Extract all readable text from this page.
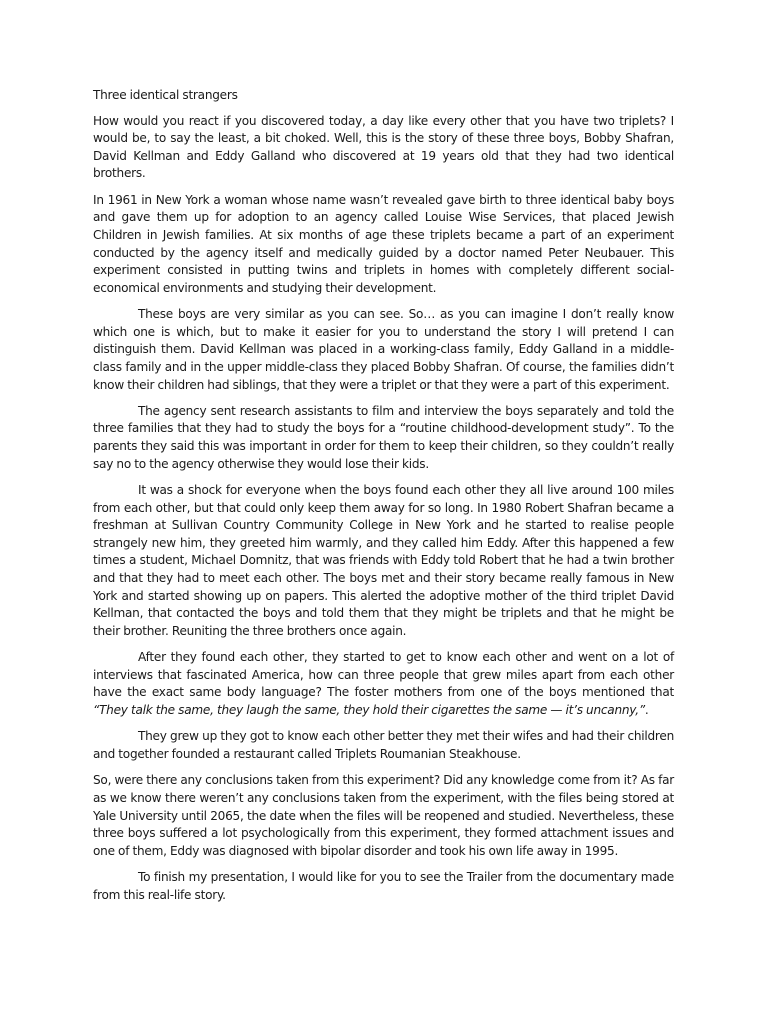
Three identical strangers

How would you react if you discovered today, a day like every other that you have two triplets? I would be, to say the least, a bit choked. Well, this is the story of these three boys, Bobby Shafran, David Kellman and Eddy Galland who discovered at 19 years old that they had two identical brothers.

In 1961 in New York a woman whose name wasn’t revealed gave birth to three identical baby boys and gave them up for adoption to an agency called Louise Wise Services, that placed Jewish Children in Jewish families. At six months of age these triplets became a part of an experiment conducted by the agency itself and medically guided by a doctor named Peter Neubauer. This experiment consisted in putting twins and triplets in homes with completely different social-economical environments and studying their development.

These boys are very similar as you can see. So… as you can imagine I don’t really know which one is which, but to make it easier for you to understand the story I will pretend I can distinguish them. David Kellman was placed in a working-class family, Eddy Galland in a middle-class family and in the upper middle-class they placed Bobby Shafran. Of course, the families didn’t know their children had siblings, that they were a triplet or that they were a part of this experiment.

The agency sent research assistants to film and interview the boys separately and told the three families that they had to study the boys for a “routine childhood-development study”. To the parents they said this was important in order for them to keep their children, so they couldn’t really say no to the agency otherwise they would lose their kids.

It was a shock for everyone when the boys found each other they all live around 100 miles from each other, but that could only keep them away for so long. In 1980 Robert Shafran became a freshman at Sullivan Country Community College in New York and he started to realise people strangely new him, they greeted him warmly, and they called him Eddy. After this happened a few times a student, Michael Domnitz, that was friends with Eddy told Robert that he had a twin brother and that they had to meet each other. The boys met and their story became really famous in New York and started showing up on papers. This alerted the adoptive mother of the third triplet David Kellman, that contacted the boys and told them that they might be triplets and that he might be their brother. Reuniting the three brothers once again.

After they found each other, they started to get to know each other and went on a lot of interviews that fascinated America, how can three people that grew miles apart from each other have the exact same body language? The foster mothers from one of the boys mentioned that “They talk the same, they laugh the same, they hold their cigarettes the same — it’s uncanny,”.

They grew up they got to know each other better they met their wifes and had their children and together founded a restaurant called Triplets Roumanian Steakhouse.

So, were there any conclusions taken from this experiment? Did any knowledge come from it? As far as we know there weren’t any conclusions taken from the experiment, with the files being stored at Yale University until 2065, the date when the files will be reopened and studied. Nevertheless, these three boys suffered a lot psychologically from this experiment, they formed attachment issues and one of them, Eddy was diagnosed with bipolar disorder and took his own life away in 1995.

To finish my presentation, I would like for you to see the Trailer from the documentary made from this real-life story.
